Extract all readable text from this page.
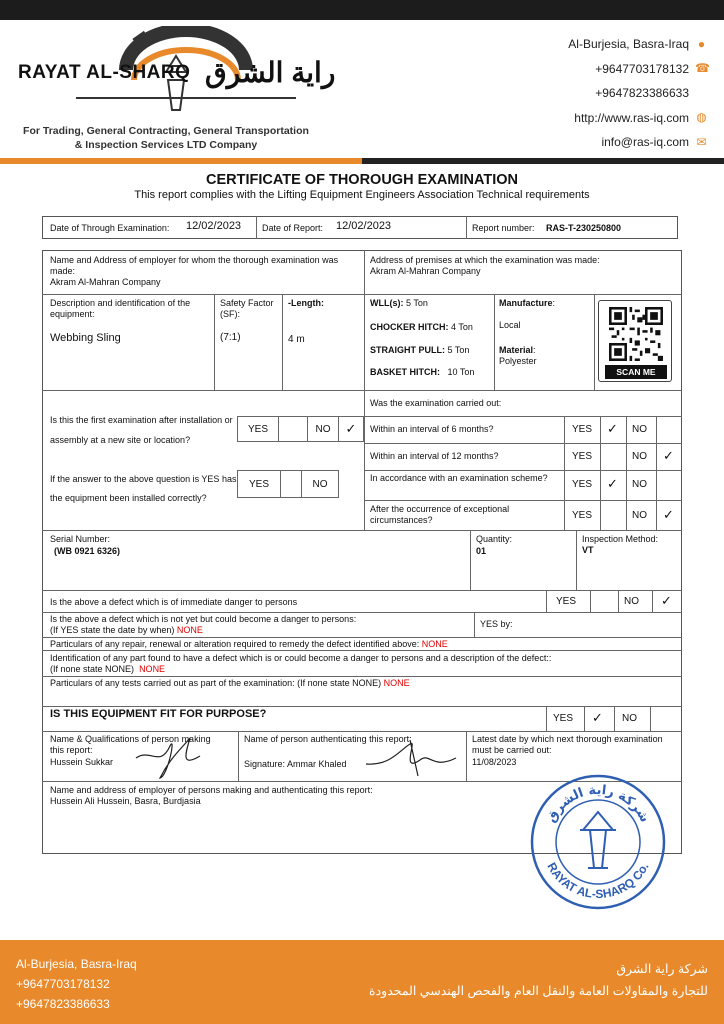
RAYAT AL-SHARQ راية الشرق
For Trading, General Contracting, General Transportation
& Inspection Services LTD Company
Al-Burjesia, Basra-Iraq ●
+9647703178132 ☎
+9647823386633
http://www.ras-iq.com ◍
info@ras-iq.com ✉
CERTIFICATE OF THOROUGH EXAMINATION
This report complies with the Lifting Equipment Engineers Association Technical requirements
Date of Through Examination: 12/02/2023 Date of Report: 12/02/2023	Report number: RAS-T-230250800
Name and Address of employer for whom the thorough examination was made:
Akram Al-Mahran Company
Address of premises at which the examination was made:
Akram Al-Mahran Company
Description and identification of the equipment:
Webbing Sling
Safety Factor (SF):
(7:1)
-Length:
4 m
WLL(s): 5 Ton
CHOCKER HITCH: 4 Ton
STRAIGHT PULL: 5 Ton
BASKET HITCH: 10 Ton
Manufacture:
Local
Material:
Polyester
SCAN ME
Is this the first examination after installation or assembly at a new site or location?
YES	NO	✓
If the answer to the above question is YES has the equipment been installed correctly?
YES	NO
Was the examination carried out:
Within an interval of 6 months?	YES ✓ NO
Within an interval of 12 months?	YES	NO ✓
In accordance with an examination scheme?
YES ✓ NO
After the occurrence of exceptional circumstances?	YES	NO ✓
Serial Number:
(WB 0921 6326)
Quantity:
01
Inspection Method:
VT
Is the above a defect which is of immediate danger to persons	YES	NO ✓
Is the above a defect which is not yet but could become a danger to persons:
(If YES state the date by when) NONE
YES by:
Particulars of any repair, renewal or alteration required to remedy the defect identified above: NONE
Identification of any part found to have a defect which is or could become a danger to persons and a description of the defect::
(If none state NONE) NONE
Particulars of any tests carried out as part of the examination: (If none state NONE) NONE
IS THIS EQUIPMENT FIT FOR PURPOSE?	YES ✓ NO
Name & Qualifications of person making this report:
Hussein Sukkar
Name of person authenticating this report:
Signature: Ammar Khaled
Latest date by which next thorough examination must be carried out:
11/08/2023
Name and address of employer of persons making and authenticating this report:
Hussein Ali Hussein, Basra, Burdjasia
شركة راية الشرق
RAYAT AL-SHARQ Co.
Al-Burjesia, Basra-Iraq
+9647703178132
+9647823386633
شركة راية الشرق
للتجارة والمقاولات العامة والنقل العام والفحص الهندسي المحدودة
